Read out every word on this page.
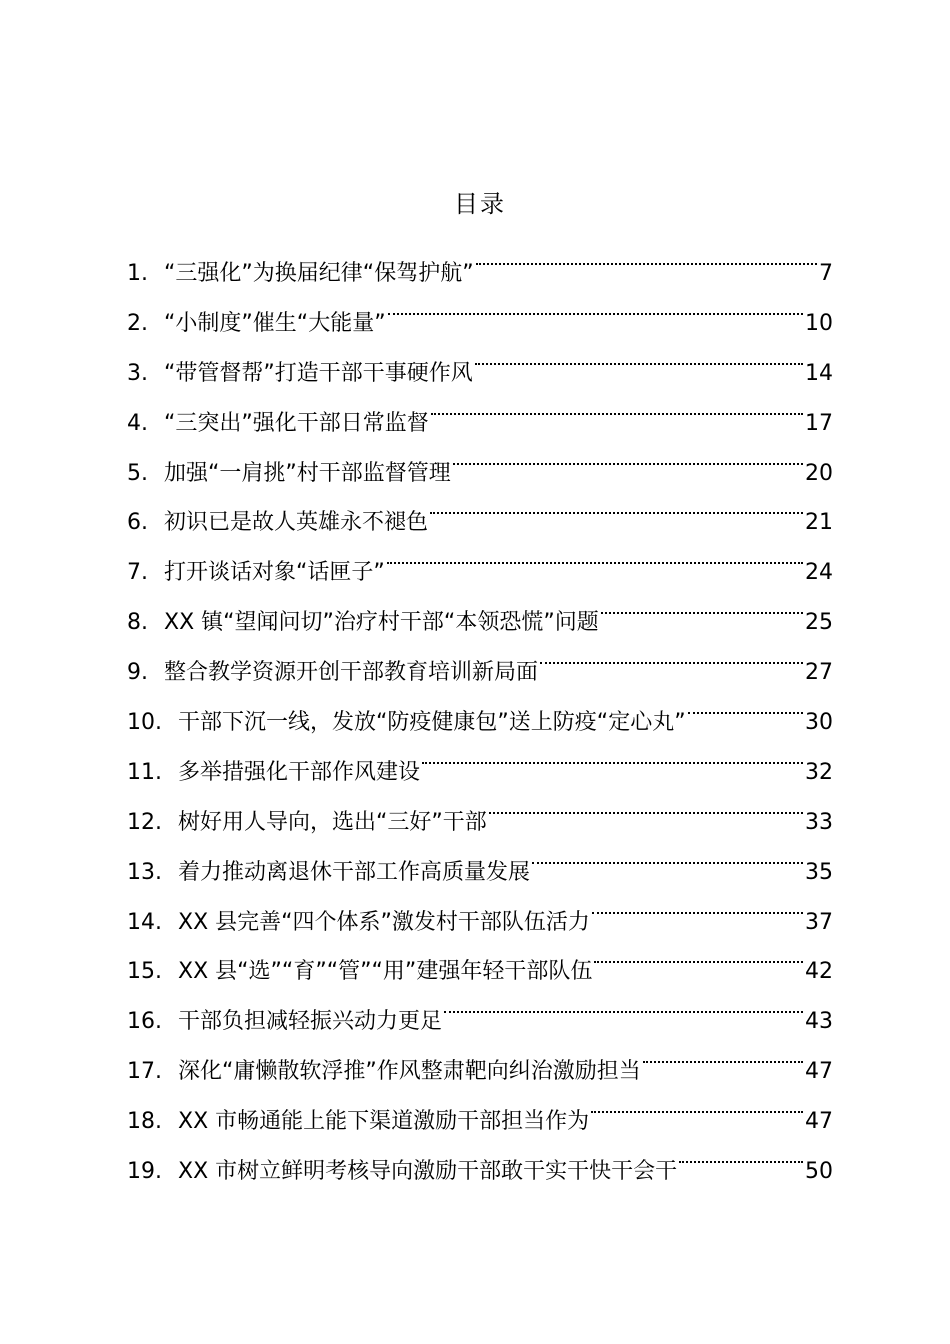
目录
1. “三强化”为换届纪律“保驾护航”	7
2. “小制度”催生“大能量”	10
3. “带管督帮”打造干部干事硬作风	14
4. “三突出”强化干部日常监督	17
5. 加强“一肩挑”村干部监督管理	20
6. 初识已是故人英雄永不褪色	21
7. 打开谈话对象“话匣子”	24
8. XX 镇“望闻问切”治疗村干部“本领恐慌”问题	25
9. 整合教学资源开创干部教育培训新局面	27
10. 干部下沉一线，发放“防疫健康包”送上防疫“定心丸”	30
11. 多举措强化干部作风建设	32
12. 树好用人导向，选出“三好”干部	33
13. 着力推动离退休干部工作高质量发展	35
14. XX 县完善“四个体系”激发村干部队伍活力	37
15. XX 县“选”“育”“管”“用”建强年轻干部队伍	42
16. 干部负担减轻振兴动力更足	43
17. 深化“庸懒散软浮推”作风整肃靶向纠治激励担当	47
18. XX 市畅通能上能下渠道激励干部担当作为	47
19. XX 市树立鲜明考核导向激励干部敢干实干快干会干	50
